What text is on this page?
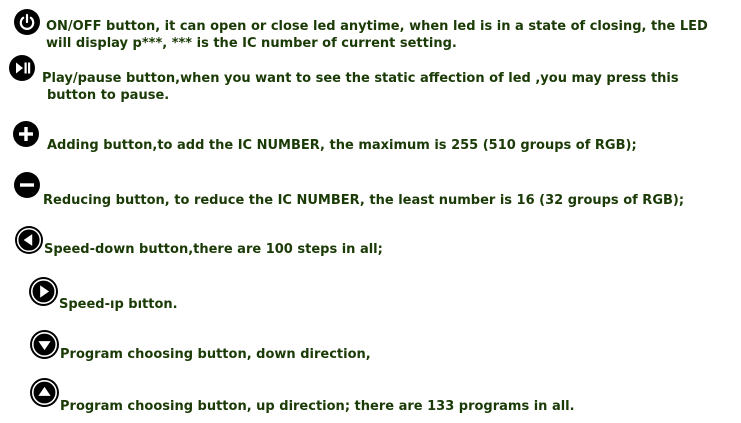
ON/OFF button, it can open or close led anytime, when led is in a state of closing, the LED
will display p***, *** is the IC number of current setting.
Play/pause button,when you want to see the static affection of led ,you may press this
button to pause.
Adding button,to add the IC NUMBER, the maximum is 255 (510 groups of RGB);
Reducing button, to reduce the IC NUMBER, the least number is 16 (32 groups of RGB);
Speed-down button,there are 100 steps in all;
Speed-ıp bıtton.
Program choosing button, down direction,
Program choosing button, up direction; there are 133 programs in all.
